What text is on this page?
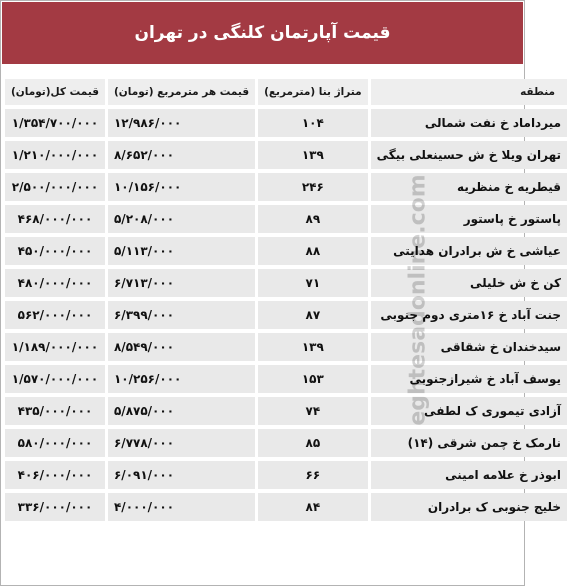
قیمت آپارتمان کلنگی در تهران
منطقه	متراژ بنا (مترمربع)	قیمت هر مترمربع (تومان)	قیمت کل(تومان)
میرداماد خ نفت شمالی	۱۰۴	۱۲/۹۸۶/۰۰۰	۱/۳۵۴/۷۰۰/۰۰۰
تهران ویلا خ ش حسینعلی بیگی	۱۳۹	۸/۶۵۲/۰۰۰	۱/۲۱۰/۰۰۰/۰۰۰
قیطریه خ منظریه	۲۴۶	۱۰/۱۵۶/۰۰۰	۲/۵۰۰/۰۰۰/۰۰۰
پاستور خ پاستور	۸۹	۵/۲۰۸/۰۰۰	۴۶۸/۰۰۰/۰۰۰
عیاشی خ ش برادران هدایتی	۸۸	۵/۱۱۳/۰۰۰	۴۵۰/۰۰۰/۰۰۰
کن خ ش خلیلی	۷۱	۶/۷۱۳/۰۰۰	۴۸۰/۰۰۰/۰۰۰
جنت آباد خ ۱۶متری دوم جنوبی	۸۷	۶/۳۹۹/۰۰۰	۵۶۲/۰۰۰/۰۰۰
سیدخندان خ شقاقی	۱۳۹	۸/۵۴۹/۰۰۰	۱/۱۸۹/۰۰۰/۰۰۰
یوسف آباد خ شیرازجنوبی	۱۵۳	۱۰/۲۵۶/۰۰۰	۱/۵۷۰/۰۰۰/۰۰۰
آزادی تیموری ک لطفی	۷۴	۵/۸۷۵/۰۰۰	۴۳۵/۰۰۰/۰۰۰
نارمک خ چمن شرقی (۱۴)	۸۵	۶/۷۷۸/۰۰۰	۵۸۰/۰۰۰/۰۰۰
ابوذر خ علامه امینی	۶۶	۶/۰۹۱/۰۰۰	۴۰۶/۰۰۰/۰۰۰
خلیج جنوبی ک برادران	۸۴	۴/۰۰۰/۰۰۰	۳۳۶/۰۰۰/۰۰۰
